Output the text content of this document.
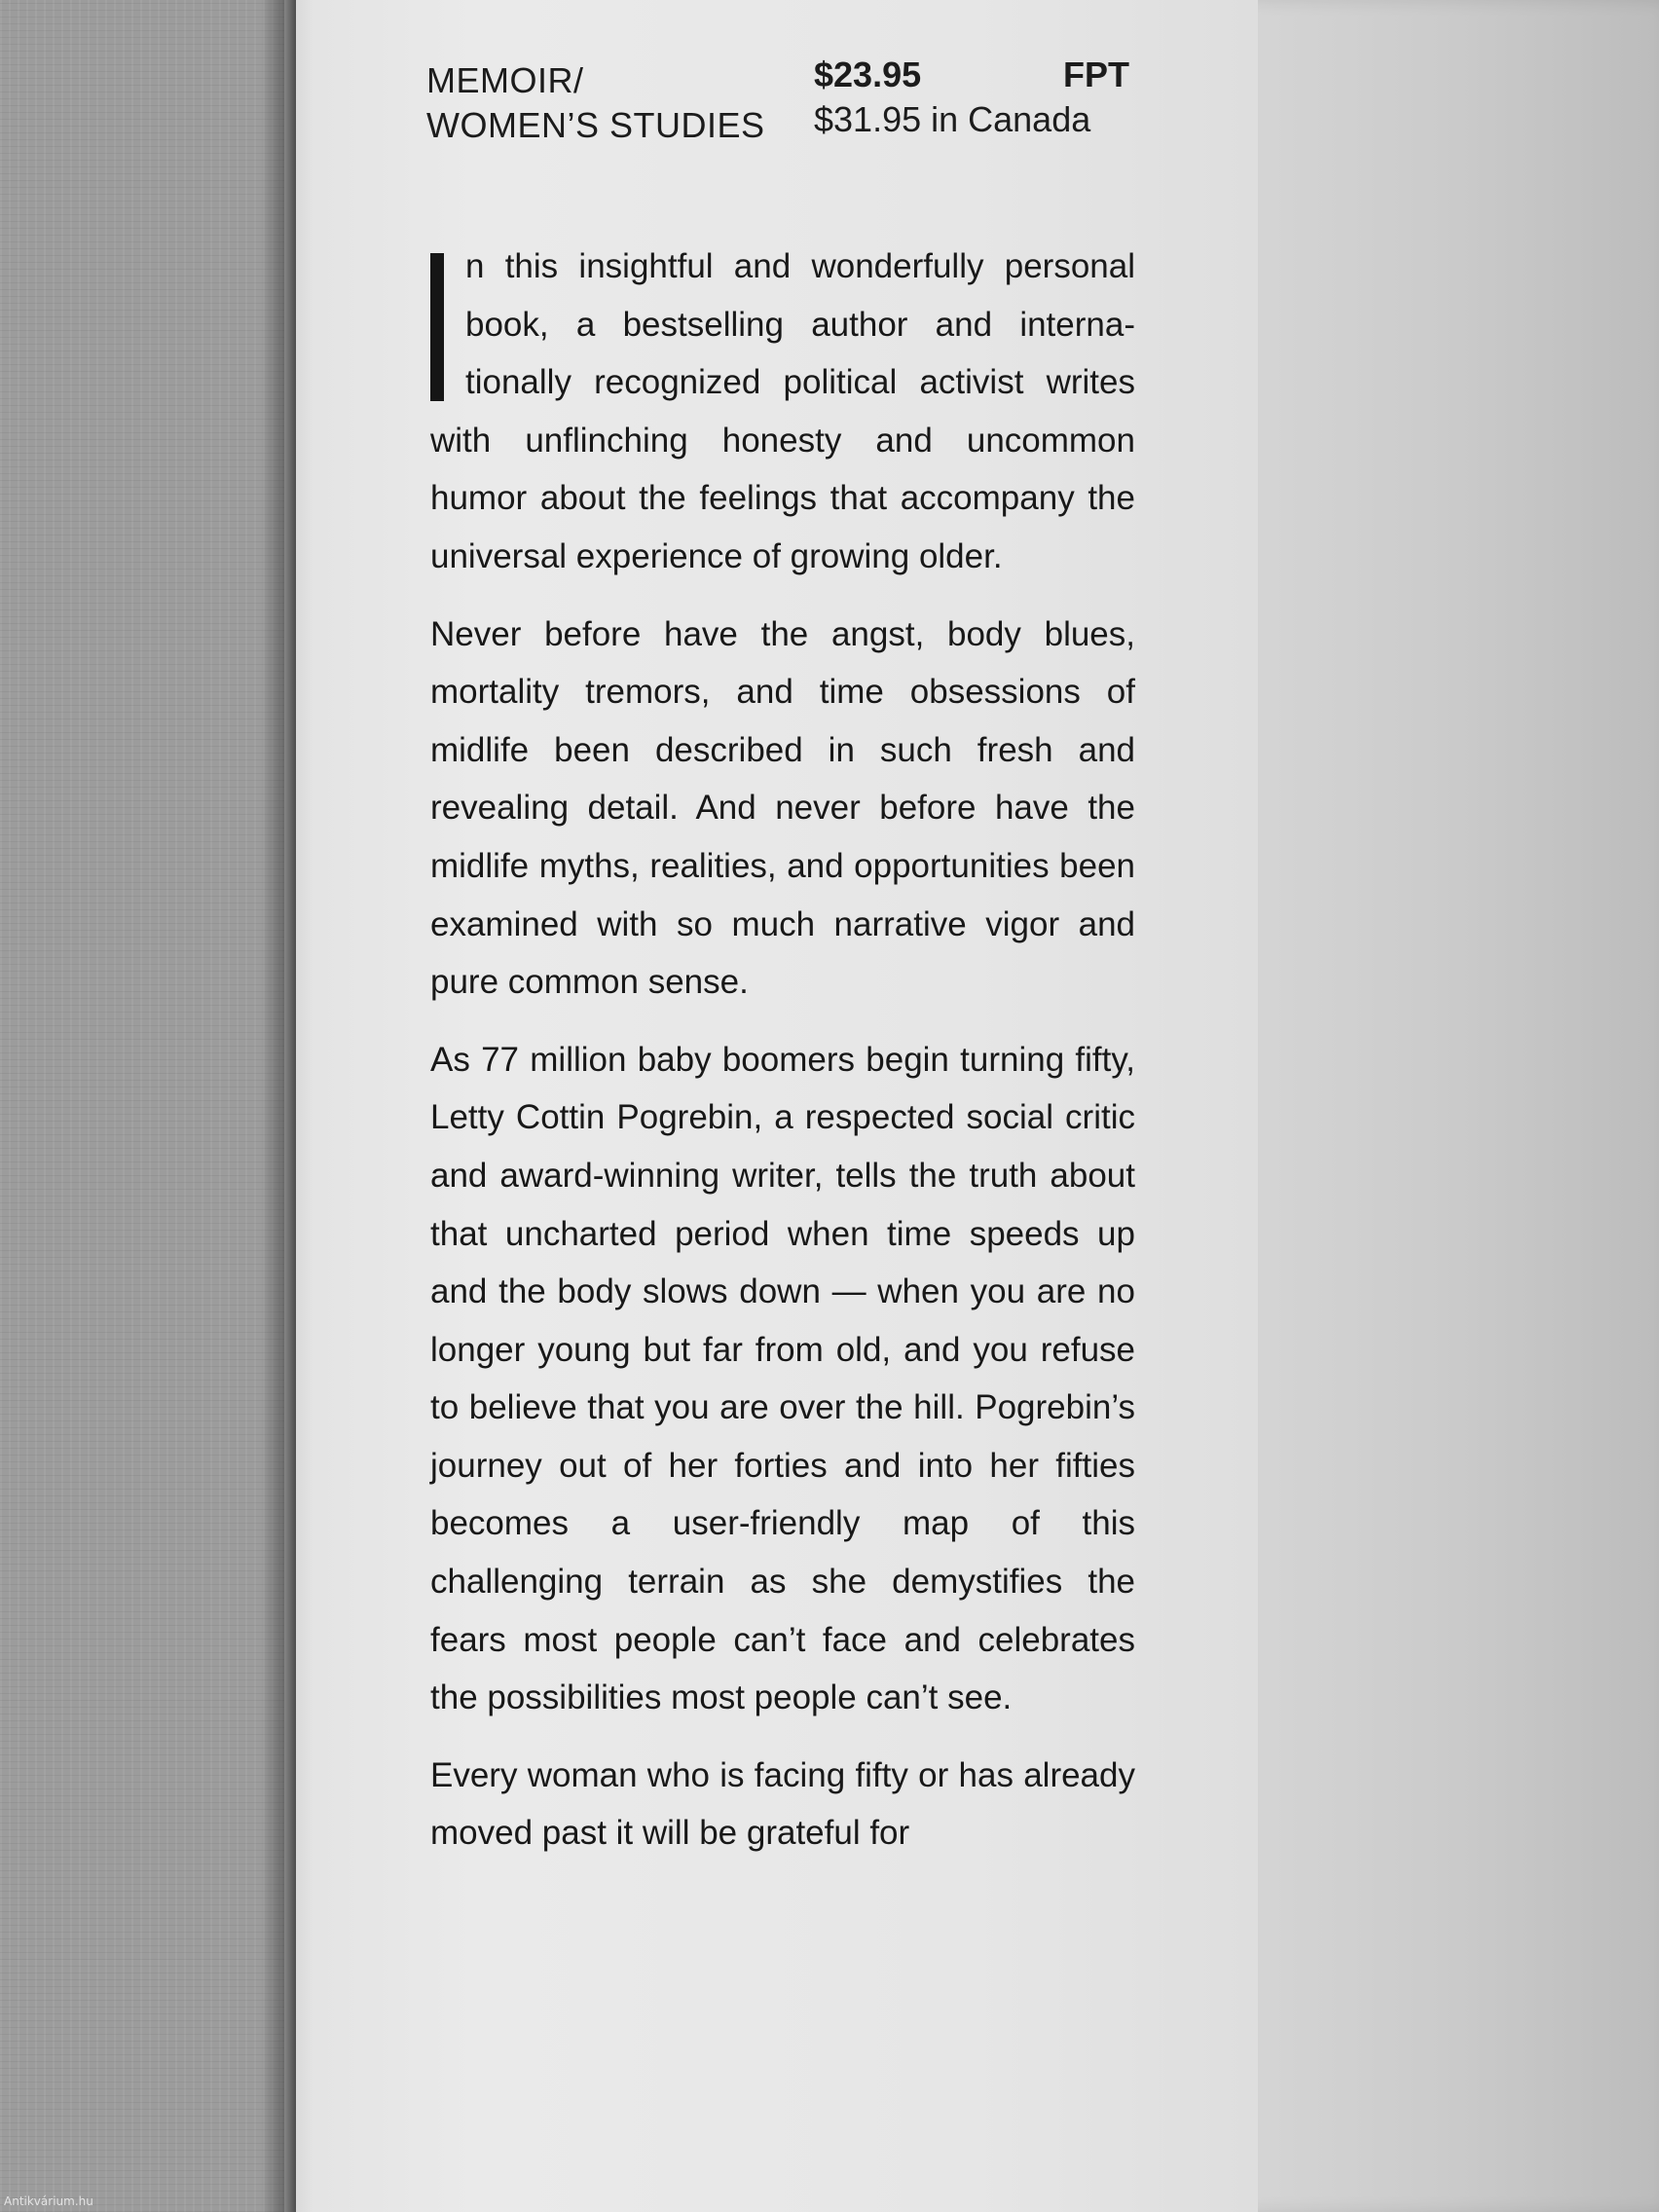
MEMOIR/
WOMEN’S STUDIES
$23.95	FPT
$31.95 in Canada

n this insightful and wonderfully personal book, a bestselling author and internationally recognized political activist writes with unflinching honesty and uncommon humor about the feelings that accompany the universal experience of growing older.

Never before have the angst, body blues, mortality tremors, and time obsessions of midlife been described in such fresh and revealing detail. And never before have the midlife myths, realities, and opportunities been examined with so much narrative vigor and pure common sense.

As 77 million baby boomers begin turning fifty, Letty Cottin Pogrebin, a respected social critic and award-winning writer, tells the truth about that uncharted period when time speeds up and the body slows down — when you are no longer young but far from old, and you refuse to believe that you are over the hill. Pogrebin’s journey out of her forties and into her fifties becomes a user-friendly map of this challenging terrain as she demystifies the fears most people can’t face and celebrates the possibilities most people can’t see.

Every woman who is facing fifty or has already moved past it will be grateful for

Antikvárium.hu
